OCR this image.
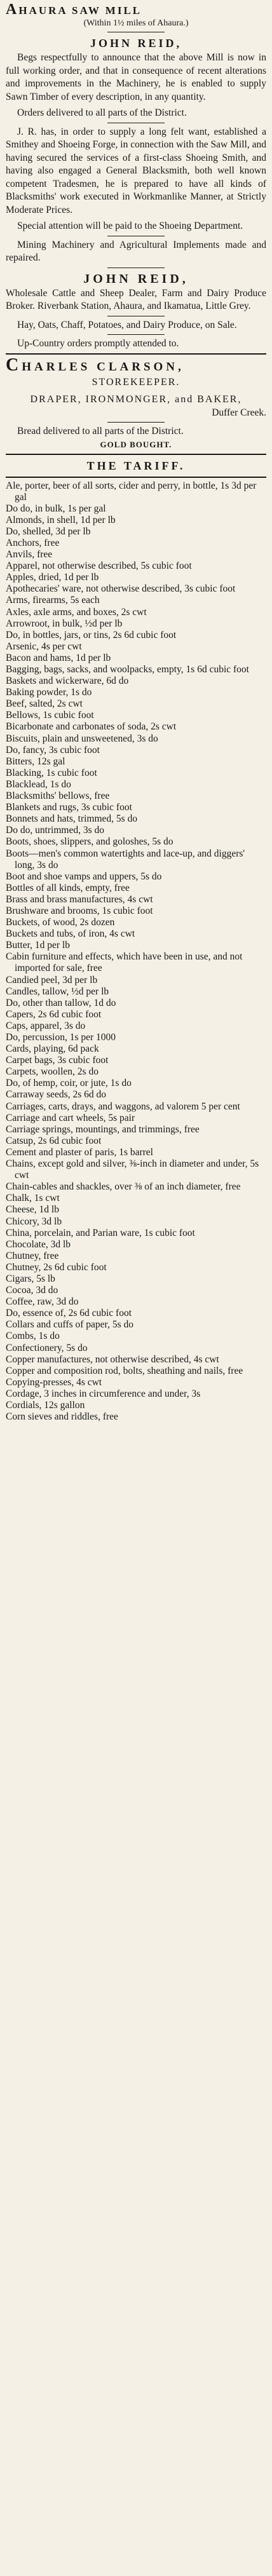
AHAURA SAW MILL
(Within 1½ miles of Ahaura.)
JOHN REID,

Begs respectfully to announce that the above Mill is now in full working order, and that in consequence of recent alterations and improvements in the Machinery, he is enabled to supply Sawn Timber of every description, in any quantity.

Orders delivered to all parts of the District.

J. R. has, in order to supply a long felt want, established a Smithey and Shoeing Forge, in connection with the Saw Mill, and having secured the services of a first-class Shoeing Smith, and having also engaged a General Blacksmith, both well known competent Tradesmen, he is prepared to have all kinds of Blacksmiths' work executed in Workmanlike Manner, at Strictly Moderate Prices.

Special attention will be paid to the Shoeing Department.

Mining Machinery and Agricultural Implements made and repaired.

JOHN REID,

Wholesale Cattle and Sheep Dealer, Farm and Dairy Produce Broker. Riverbank Station, Ahaura, and Ikamatua, Little Grey.

Hay, Oats, Chaff, Potatoes, and Dairy Produce, on Sale.

Up-Country orders promptly attended to.

CHARLES CLARSON,
STOREKEEPER.
DRAPER, IRONMONGER, and BAKER,
Duffer Creek.

Bread delivered to all parts of the District.

GOLD BOUGHT.
THE TARIFF.
Ale, porter, beer of all sorts, cider and perry, in bottle, 1s 3d per gal
Do do, in bulk, 1s per gal
Almonds, in shell, 1d per lb
Do, shelled, 3d per lb
Anchors, free
Anvils, free
Apparel, not otherwise described, 5s cubic foot
Apples, dried, 1d per lb
Apothecaries' ware, not otherwise described, 3s cubic foot
Arms, firearms, 5s each
Axles, axle arms, and boxes, 2s cwt
Arrowroot, in bulk, ½d per lb
Do, in bottles, jars, or tins, 2s 6d cubic foot
Arsenic, 4s per cwt
Bacon and hams, 1d per lb
Bagging, bags, sacks, and woolpacks, empty, 1s 6d cubic foot
Baskets and wickerware, 6d do
Baking powder, 1s do
Beef, salted, 2s cwt
Bellows, 1s cubic foot
Bicarbonate and carbonates of soda, 2s cwt
Biscuits, plain and unsweetened, 3s do
Do, fancy, 3s cubic foot
Bitters, 12s gal
Blacking, 1s cubic foot
Blacklead, 1s do
Blacksmiths' bellows, free
Blankets and rugs, 3s cubic foot
Bonnets and hats, trimmed, 5s do
Do do, untrimmed, 3s do
Boots, shoes, slippers, and goloshes, 5s do
Boots—men's common watertights and lace-up, and diggers' long, 3s do
Boot and shoe vamps and uppers, 5s do
Bottles of all kinds, empty, free
Brass and brass manufactures, 4s cwt
Brushware and brooms, 1s cubic foot
Buckets, of wood, 2s dozen
Buckets and tubs, of iron, 4s cwt
Butter, 1d per lb
Cabin furniture and effects, which have been in use, and not imported for sale, free
Candied peel, 3d per lb
Candles, tallow, ½d per lb
Do, other than tallow, 1d do
Capers, 2s 6d cubic foot
Caps, apparel, 3s do
Do, percussion, 1s per 1000
Cards, playing, 6d pack
Carpet bags, 3s cubic foot
Carpets, woollen, 2s do
Do, of hemp, coir, or jute, 1s do
Carraway seeds, 2s 6d do
Carriages, carts, drays, and waggons, ad valorem 5 per cent
Carriage and cart wheels, 5s pair
Carriage springs, mountings, and trimmings, free
Catsup, 2s 6d cubic foot
Cement and plaster of paris, 1s barrel
Chains, except gold and silver, ⅜-inch in diameter and under, 5s cwt
Chain-cables and shackles, over ⅜ of an inch diameter, free
Chalk, 1s cwt
Cheese, 1d lb
Chicory, 3d lb
China, porcelain, and Parian ware, 1s cubic foot
Chocolate, 3d lb
Chutney, free
Chutney, 2s 6d cubic foot
Cigars, 5s lb
Cocoa, 3d do
Coffee, raw, 3d do
Do, essence of, 2s 6d cubic foot
Collars and cuffs of paper, 5s do
Combs, 1s do
Confectionery, 5s do
Copper manufactures, not otherwise described, 4s cwt
Copper and composition rod, bolts, sheathing and nails, free
Copying-presses, 4s cwt
Cordage, 3 inches in circumference and under, 3s
Cordials, 12s gallon
Corn sieves and riddles, free
